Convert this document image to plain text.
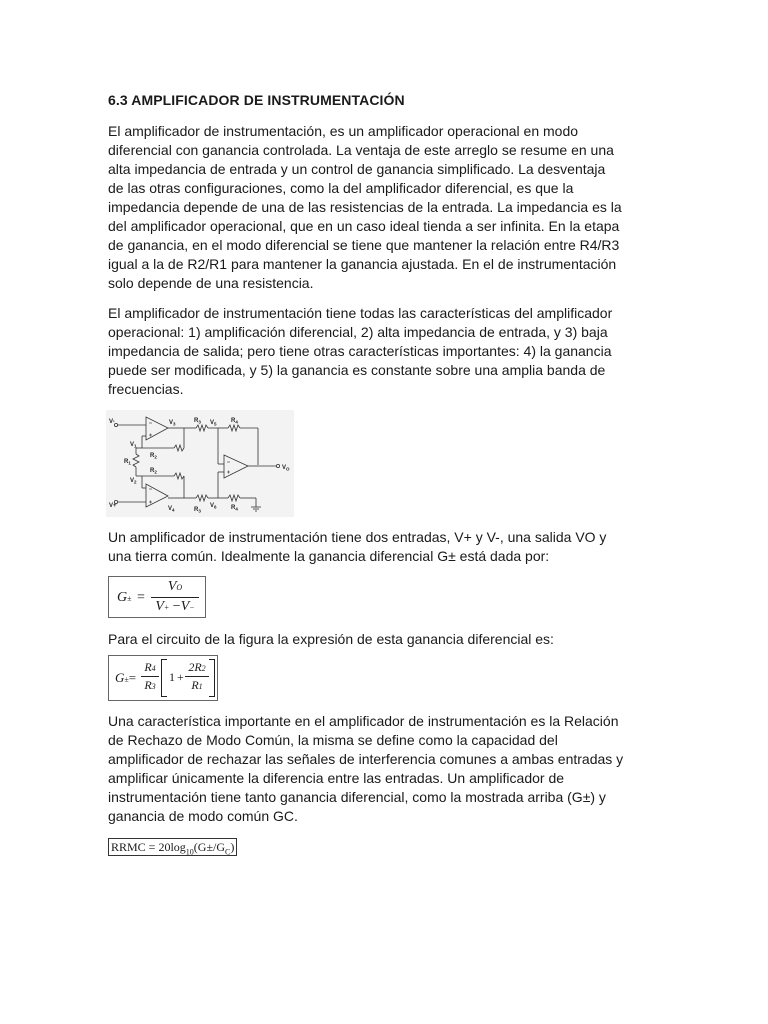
6.3 AMPLIFICADOR DE INSTRUMENTACIÓN
El amplificador de instrumentación, es un amplificador operacional en modo
diferencial con ganancia controlada. La ventaja de este arreglo se resume en una
alta impedancia de entrada y un control de ganancia simplificado. La desventaja
de las otras configuraciones, como la del amplificador diferencial, es que la
impedancia depende de una de las resistencias de la entrada. La impedancia es la
del amplificador operacional, que en un caso ideal tienda a ser infinita. En la etapa
de ganancia, en el modo diferencial se tiene que mantener la relación entre R4/R3
igual a la de R2/R1 para mantener la ganancia ajustada. En el de instrumentación
solo depende de una resistencia.
El amplificador de instrumentación tiene todas las características del amplificador
operacional: 1) amplificación diferencial, 2) alta impedancia de entrada, y 3) baja
impedancia de salida; pero tiene otras características importantes: 4) la ganancia
puede ser modificada, y 5) la ganancia es constante sobre una amplia banda de
frecuencias.
V-
V+
$V_O$
$V_3$
$V_1$
$V_2$
$V_5$
$V_4$
$V_6$
$R_1$
$R_2$
$R_2$
$R_3$
$R_3$
$R_4$
$R_4$
Un amplificador de instrumentación tiene dos entradas, V+ y V-, una salida VO y
una tierra común. Idealmente la ganancia diferencial G± está dada por:
$G\pm = \frac{VO}{V+ -V-}$
Para el circuito de la figura la expresión de esta ganancia diferencial es:
$G\pm= \frac{R4}{R3} 1 + \frac{2R2}{R1}$
Una característica importante en el amplificador de instrumentación es la Relación
de Rechazo de Modo Común, la misma se define como la capacidad del
amplificador de rechazar las señales de interferencia comunes a ambas entradas y
amplificar únicamente la diferencia entre las entradas. Un amplificador de
instrumentación tiene tanto ganancia diferencial, como la mostrada arriba (G±) y
ganancia de modo común GC.
RRMC = $20\log_{10}(G\pm/G_C)$
